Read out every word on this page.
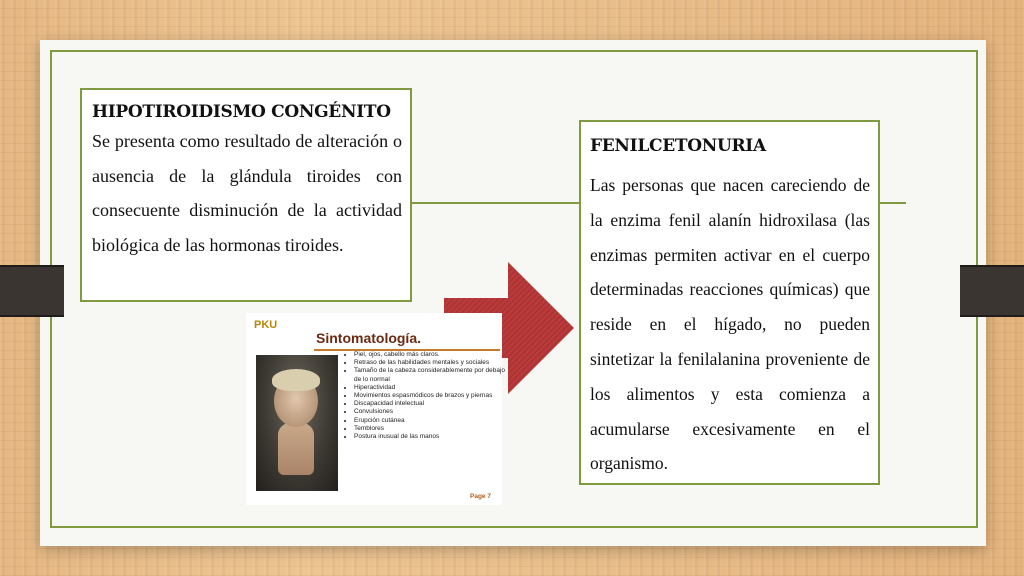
HIPOTIROIDISMO CONGÉNITO

Se presenta como resultado de alteración o ausencia de la glándula tiroides con consecuente disminución de la actividad biológica de las hormonas tiroides.

PKU
Sintomatología.
• Piel, ojos, cabello más claros.
• Retraso de las habilidades mentales y sociales
• Tamaño de la cabeza considerablemente por debajo de lo normal
• Hiperactividad
• Movimientos espasmódicos de brazos y piernas
• Discapacidad intelectual
• Convulsiones
• Erupción cutánea
• Temblores
• Postura inusual de las manos
Page 7
FENILCETONURIA

Las personas que nacen careciendo de la enzima fenil alanín hidroxilasa (las enzimas permiten activar en el cuerpo determinadas reacciones químicas) que reside en el hígado, no pueden sintetizar la fenilalanina proveniente de los alimentos y esta comienza a acumularse excesivamente en el organismo.
